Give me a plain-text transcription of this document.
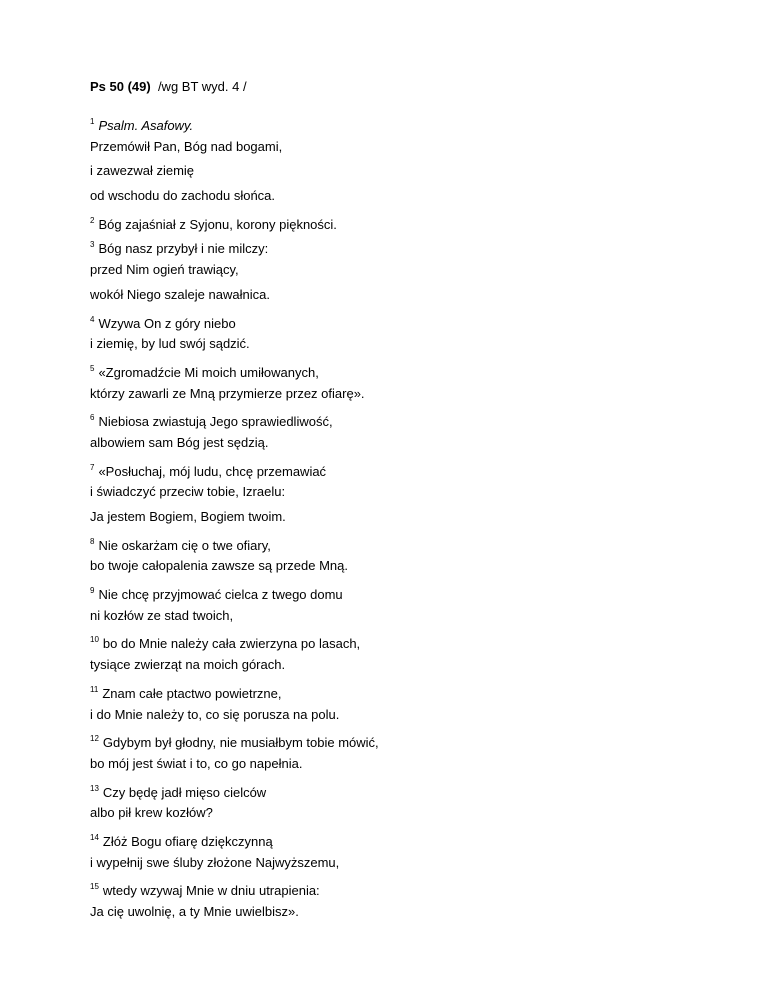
Ps 50 (49) /wg BT wyd. 4 /
$^1$ Psalm. Asafowy.
Przemówił Pan, Bóg nad bogami,
i zawezwał ziemię
od wschodu do zachodu słońca.
$^2$ Bóg zajaśniał z Syjonu, korony piękności.
$^3$ Bóg nasz przybył i nie milczy:
przed Nim ogień trawiący,
wokół Niego szaleje nawałnica.
$^4$ Wzywa On z góry niebo
i ziemię, by lud swój sądzić.
$^5$ «Zgromadźcie Mi moich umiłowanych,
którzy zawarli ze Mną przymierze przez ofiarę».
$^6$ Niebiosa zwiastują Jego sprawiedliwość,
albowiem sam Bóg jest sędzią.
$^7$ «Posłuchaj, mój ludu, chcę przemawiać
i świadczyć przeciw tobie, Izraelu:
Ja jestem Bogiem, Bogiem twoim.
$^8$ Nie oskarżam cię o twe ofiary,
bo twoje całopalenia zawsze są przede Mną.
$^9$ Nie chcę przyjmować cielca z twego domu
ni kozłów ze stad twoich,
$^{10}$ bo do Mnie należy cała zwierzyna po lasach,
tysiące zwierząt na moich górach.
$^{11}$ Znam całe ptactwo powietrzne,
i do Mnie należy to, co się porusza na polu.
$^{12}$ Gdybym był głodny, nie musiałbym tobie mówić,
bo mój jest świat i to, co go napełnia.
$^{13}$ Czy będę jadł mięso cielców
albo pił krew kozłów?
$^{14}$ Złóż Bogu ofiarę dziękczynną
i wypełnij swe śluby złożone Najwyższemu,
$^{15}$ wtedy wzywaj Mnie w dniu utrapienia:
Ja cię uwolnię, a ty Mnie uwielbisz».
